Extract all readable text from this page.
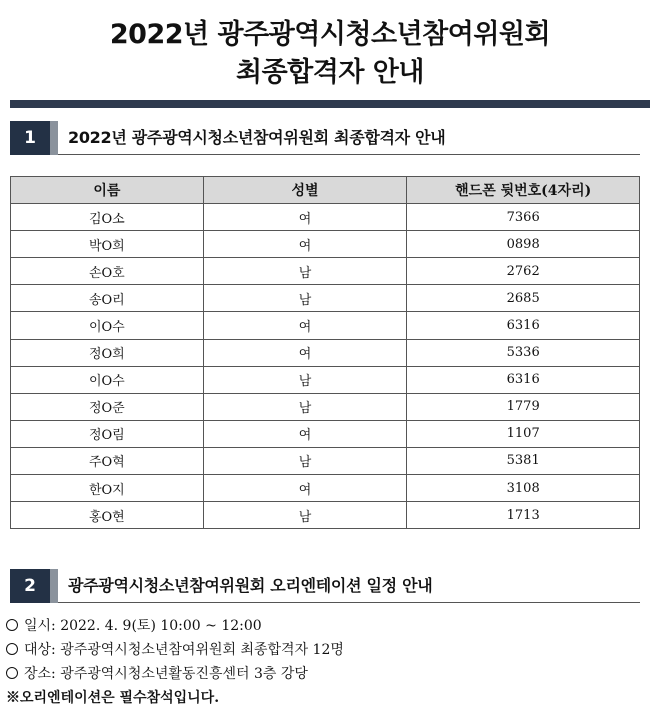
2022년 광주광역시청소년참여위원회
최종합격자 안내
1	2022년 광주광역시청소년참여위원회 최종합격자 안내
이름	성별	핸드폰 뒷번호(4자리)
김O소	여	7366
박O희	여	0898
손O호	남	2762
송O리	남	2685
이O수	여	6316
정O희	여	5336
이O수	남	6316
정O준	남	1779
정O림	여	1107
주O혁	남	5381
한O지	여	3108
홍O현	남	1713
2	광주광역시청소년참여위원회 오리엔테이션 일정 안내
일시: 2022. 4. 9(토) 10:00 ~ 12:00
대상: 광주광역시청소년참여위원회 최종합격자 12명
장소: 광주광역시청소년활동진흥센터 3층 강당
※오리엔테이션은 필수참석입니다.
